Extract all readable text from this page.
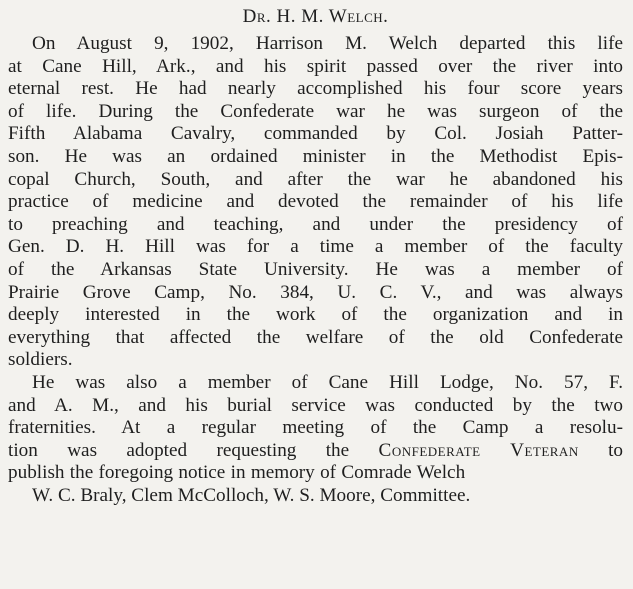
Dr. H. M. Welch.
On August 9, 1902, Harrison M. Welch departed this life
at Cane Hill, Ark., and his spirit passed over the river into
eternal rest. He had nearly accomplished his four score years
of life. During the Confederate war he was surgeon of the
Fifth Alabama Cavalry, commanded by Col. Josiah Patter-
son. He was an ordained minister in the Methodist Epis-
copal Church, South, and after the war he abandoned his
practice of medicine and devoted the remainder of his life
to preaching and teaching, and under the presidency of
Gen. D. H. Hill was for a time a member of the faculty
of the Arkansas State University. He was a member of
Prairie Grove Camp, No. 384, U. C. V., and was always
deeply interested in the work of the organization and in
everything that affected the welfare of the old Confederate
soldiers.
He was also a member of Cane Hill Lodge, No. 57, F.
and A. M., and his burial service was conducted by the two
fraternities. At a regular meeting of the Camp a resolu-
tion was adopted requesting the Confederate Veteran to
publish the foregoing notice in memory of Comrade Welch
W. C. Braly, Clem McColloch, W. S. Moore, Committee.
